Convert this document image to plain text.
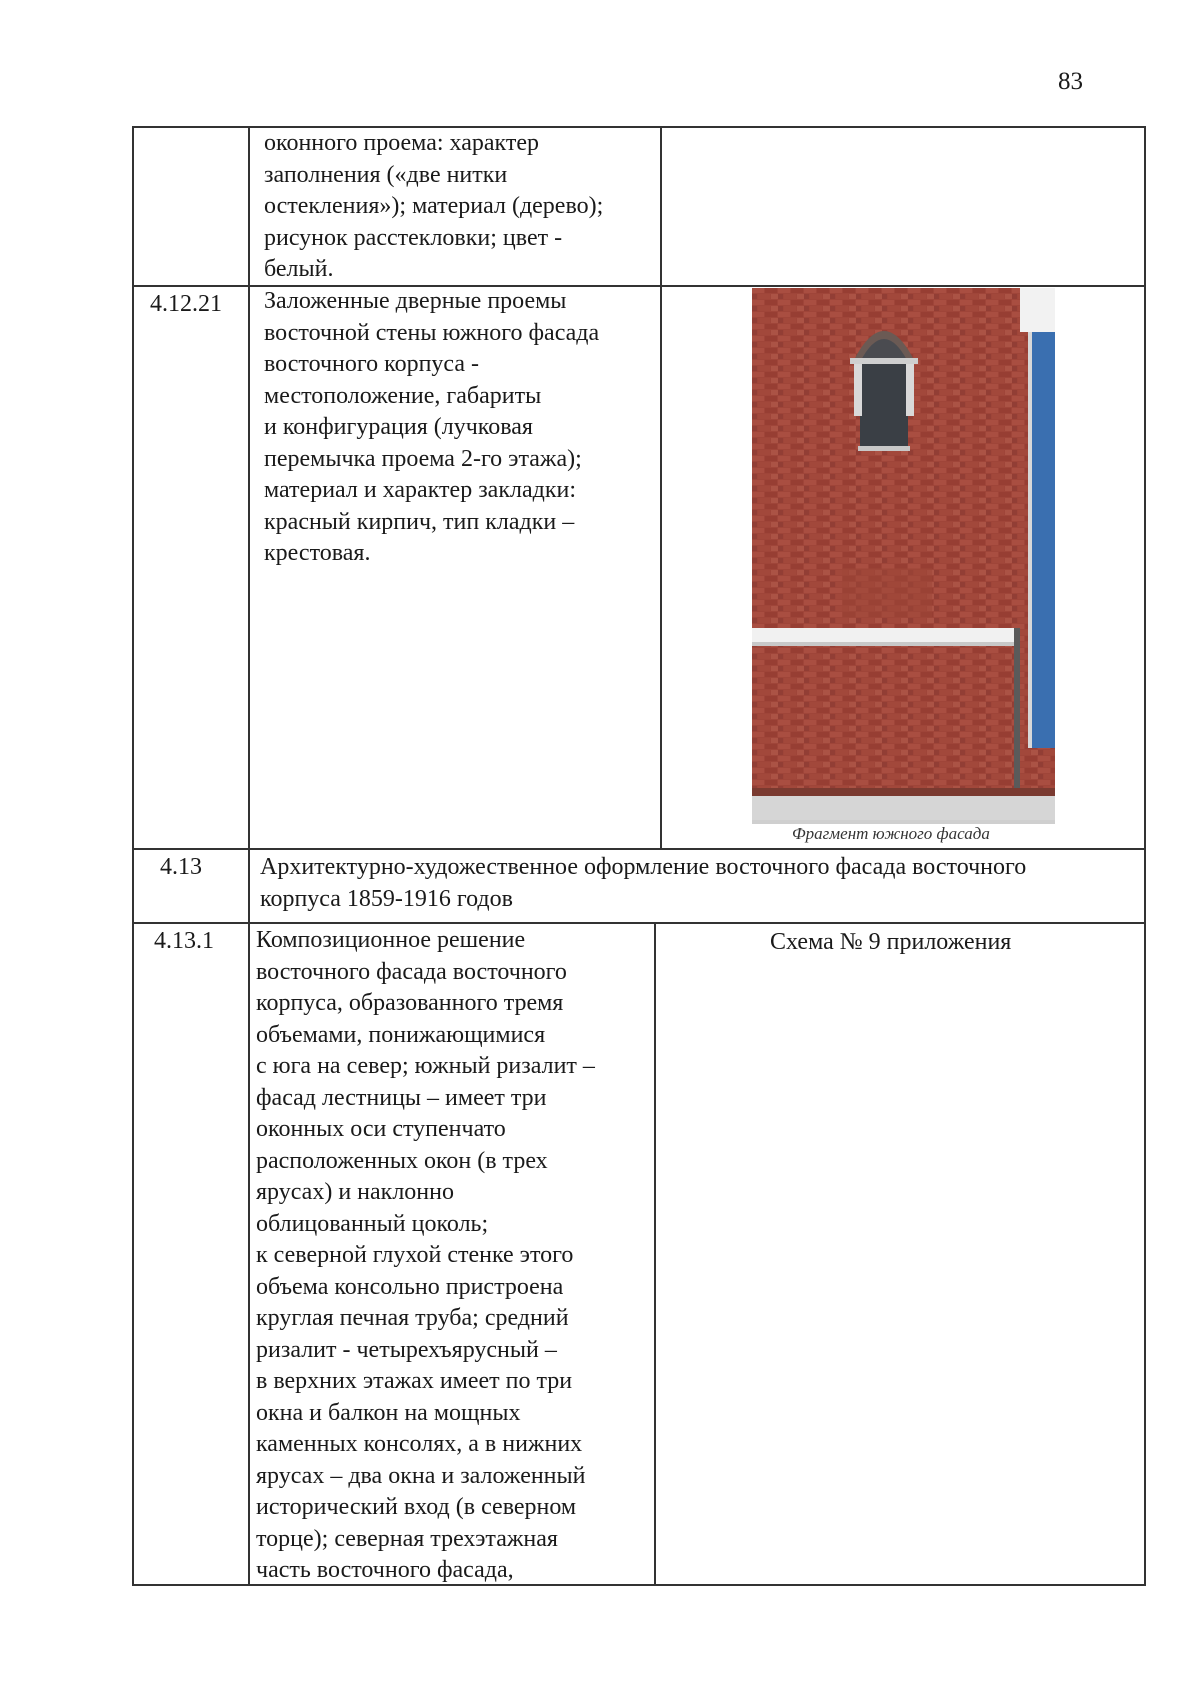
83
оконного проема: характер
заполнения («две нитки
остекления»); материал (дерево);
рисунок расстекловки; цвет -
белый.
4.12.21 Заложенные дверные проемы
восточной стены южного фасада
восточного корпуса -
местоположение, габариты
и конфигурация (лучковая
перемычка проема 2-го этажа);
материал и характер закладки:
красный кирпич, тип кладки –
крестовая.
Фрагмент южного фасада
4.13 Архитектурно-художественное оформление восточного фасада восточного
корпуса 1859-1916 годов
4.13.1 Композиционное решение
восточного фасада восточного
корпуса, образованного тремя
объемами, понижающимися
с юга на север; южный ризалит –
фасад лестницы – имеет три
оконных оси ступенчато
расположенных окон (в трех
ярусах) и наклонно
облицованный цоколь;
к северной глухой стенке этого
объема консольно пристроена
круглая печная труба; средний
ризалит - четырехъярусный –
в верхних этажах имеет по три
окна и балкон на мощных
каменных консолях, а в нижних
ярусах – два окна и заложенный
исторический вход (в северном
торце); северная трехэтажная
часть восточного фасада,
Схема № 9 приложения
